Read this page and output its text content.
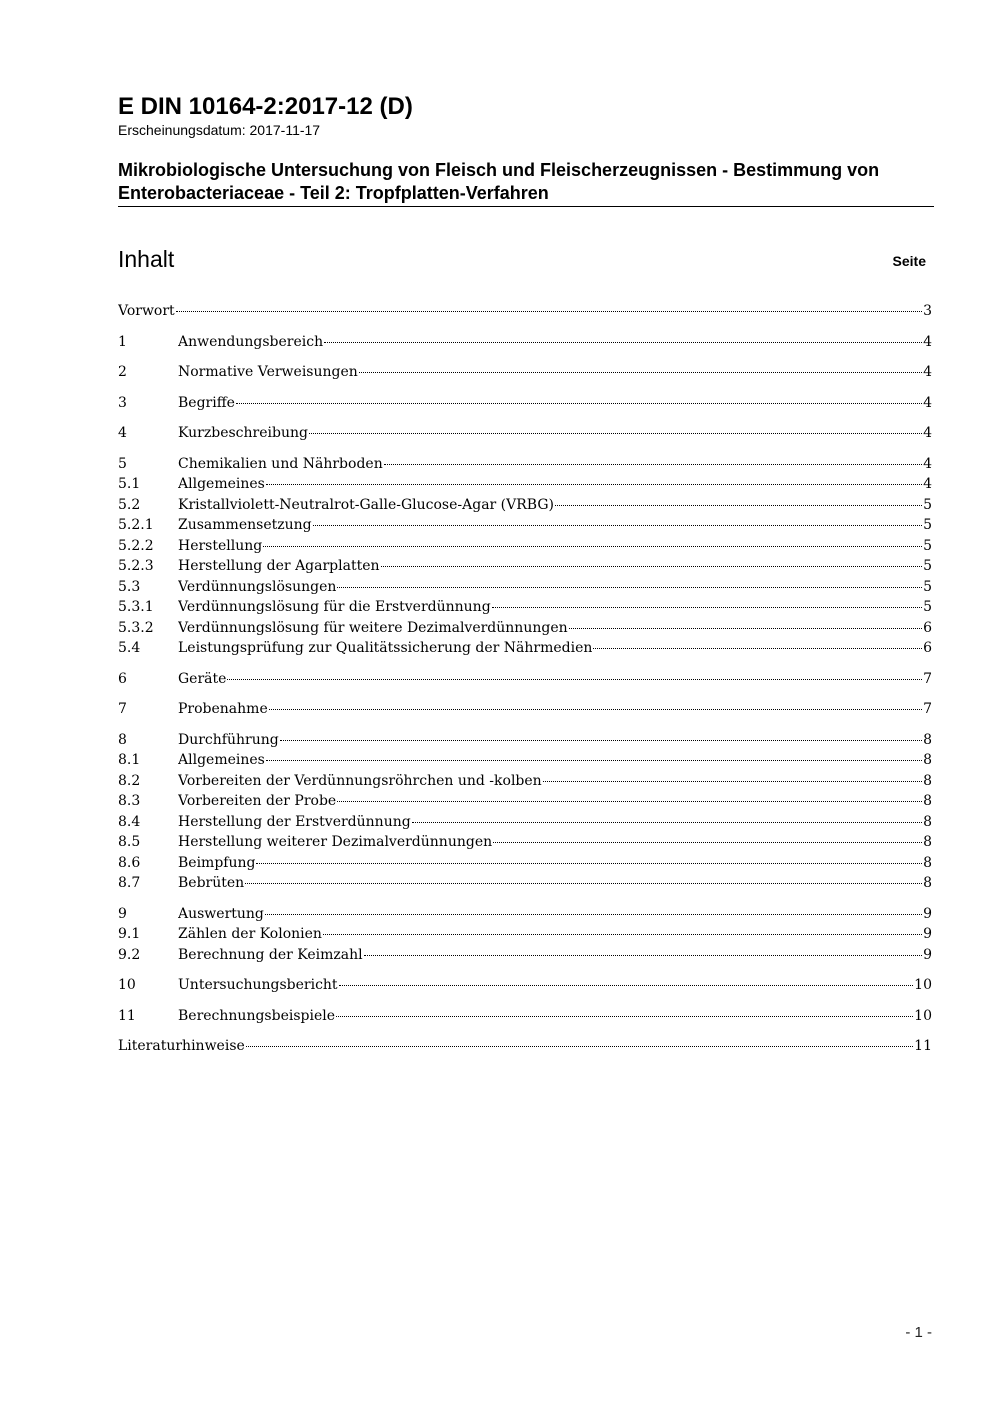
E DIN 10164-2:2017-12 (D)
Erscheinungsdatum: 2017-11-17
Mikrobiologische Untersuchung von Fleisch und Fleischerzeugnissen - Bestimmung von Enterobacteriaceae - Teil 2: Tropfplatten-Verfahren
Inhalt	Seite
Vorwort	3
1	Anwendungsbereich	4
2	Normative Verweisungen	4
3	Begriffe	4
4	Kurzbeschreibung	4
5	Chemikalien und Nährboden	4
5.1	Allgemeines	4
5.2	Kristallviolett-Neutralrot-Galle-Glucose-Agar (VRBG)	5
5.2.1	Zusammensetzung	5
5.2.2	Herstellung	5
5.2.3	Herstellung der Agarplatten	5
5.3	Verdünnungslösungen	5
5.3.1	Verdünnungslösung für die Erstverdünnung	5
5.3.2	Verdünnungslösung für weitere Dezimalverdünnungen	6
5.4	Leistungsprüfung zur Qualitätssicherung der Nährmedien	6
6	Geräte	7
7	Probenahme	7
8	Durchführung	8
8.1	Allgemeines	8
8.2	Vorbereiten der Verdünnungsröhrchen und -kolben	8
8.3	Vorbereiten der Probe	8
8.4	Herstellung der Erstverdünnung	8
8.5	Herstellung weiterer Dezimalverdünnungen	8
8.6	Beimpfung	8
8.7	Bebrüten	8
9	Auswertung	9
9.1	Zählen der Kolonien	9
9.2	Berechnung der Keimzahl	9
10	Untersuchungsbericht	10
11	Berechnungsbeispiele	10
Literaturhinweise	11
- 1 -
